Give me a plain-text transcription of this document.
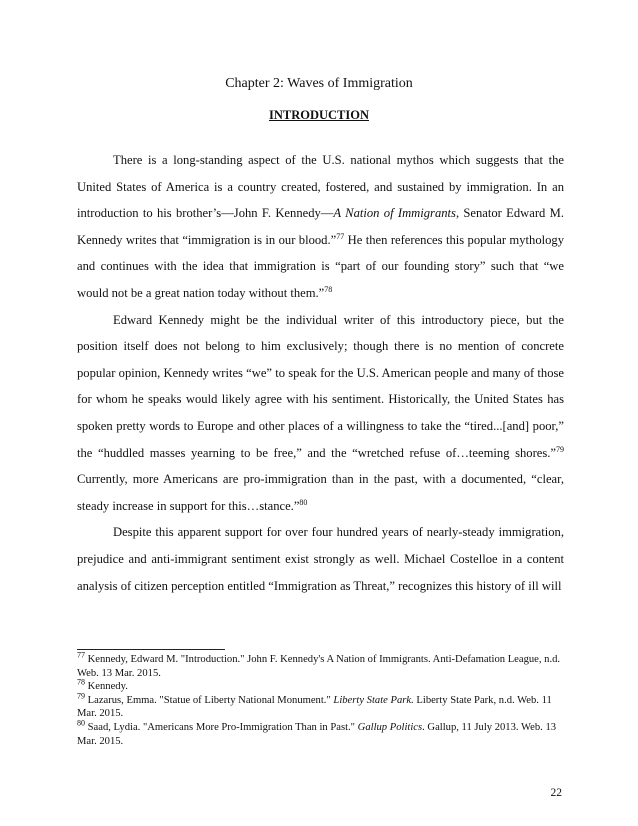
Chapter 2: Waves of Immigration
INTRODUCTION

There is a long-standing aspect of the U.S. national mythos which suggests that the United States of America is a country created, fostered, and sustained by immigration. In an introduction to his brother’s—John F. Kennedy—A Nation of Immigrants, Senator Edward M. Kennedy writes that “immigration is in our blood.”$^{77}$ He then references this popular mythology and continues with the idea that immigration is “part of our founding story” such that “we would not be a great nation today without them.”$^{78}$

Edward Kennedy might be the individual writer of this introductory piece, but the position itself does not belong to him exclusively; though there is no mention of concrete popular opinion, Kennedy writes “we” to speak for the U.S. American people and many of those for whom he speaks would likely agree with his sentiment. Historically, the United States has spoken pretty words to Europe and other places of a willingness to take the “tired...[and] poor,” the “huddled masses yearning to be free,” and the “wretched refuse of…teeming shores.”$^{79}$ Currently, more Americans are pro-immigration than in the past, with a documented, “clear, steady increase in support for this…stance.”$^{80}$

Despite this apparent support for over four hundred years of nearly-steady immigration, prejudice and anti-immigrant sentiment exist strongly as well. Michael Costelloe in a content analysis of citizen perception entitled “Immigration as Threat,” recognizes this history of ill will

$^{77}$ Kennedy, Edward M. "Introduction." John F. Kennedy's A Nation of Immigrants. Anti-Defamation League, n.d. Web. 13 Mar. 2015.
$^{78}$ Kennedy.
$^{79}$ Lazarus, Emma. "Statue of Liberty National Monument." Liberty State Park. Liberty State Park, n.d. Web. 11 Mar. 2015.
$^{80}$ Saad, Lydia. "Americans More Pro-Immigration Than in Past." Gallup Politics. Gallup, 11 July 2013. Web. 13 Mar. 2015.
22
